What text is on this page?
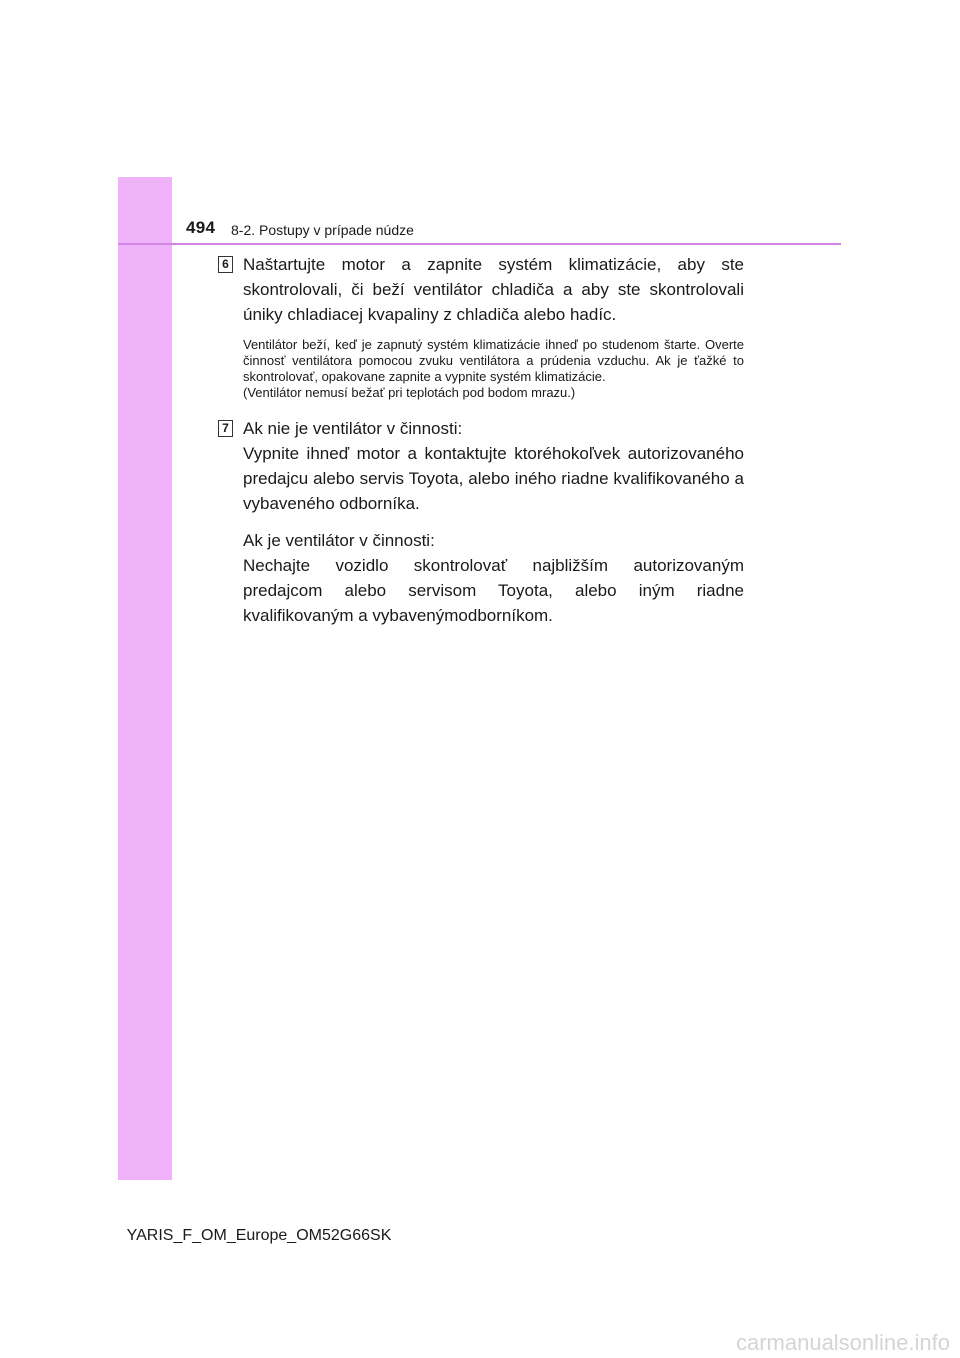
494 8-2. Postupy v prípade núdze
6 Naštartujte motor a zapnite systém klimatizácie, aby ste skontrolovali, či beží ventilátor chladiča a aby ste skontrolovali úniky chladiacej kvapaliny z chladiča alebo hadíc.

Ventilátor beží, keď je zapnutý systém klimatizácie ihneď po studenom štarte. Overte činnosť ventilátora pomocou zvuku ventilátora a prúdenia vzduchu. Ak je ťažké to skontrolovať, opakovane zapnite a vypnite systém klimatizácie.

(Ventilátor nemusí bežať pri teplotách pod bodom mrazu.)

7 Ak nie je ventilátor v činnosti:

Vypnite ihneď motor a kontaktujte ktoréhokoľvek autorizovaného predajcu alebo servis Toyota, alebo iného riadne kvalifikovaného a vybaveného odborníka.

Ak je ventilátor v činnosti:

Nechajte vozidlo skontrolovať najbližším autorizovaným predajcom alebo servisom Toyota, alebo iným riadne kvalifikovaným a vybavenýmodborníkom.

YARIS_F_OM_Europe_OM52G66SK
carmanualsonline.info
